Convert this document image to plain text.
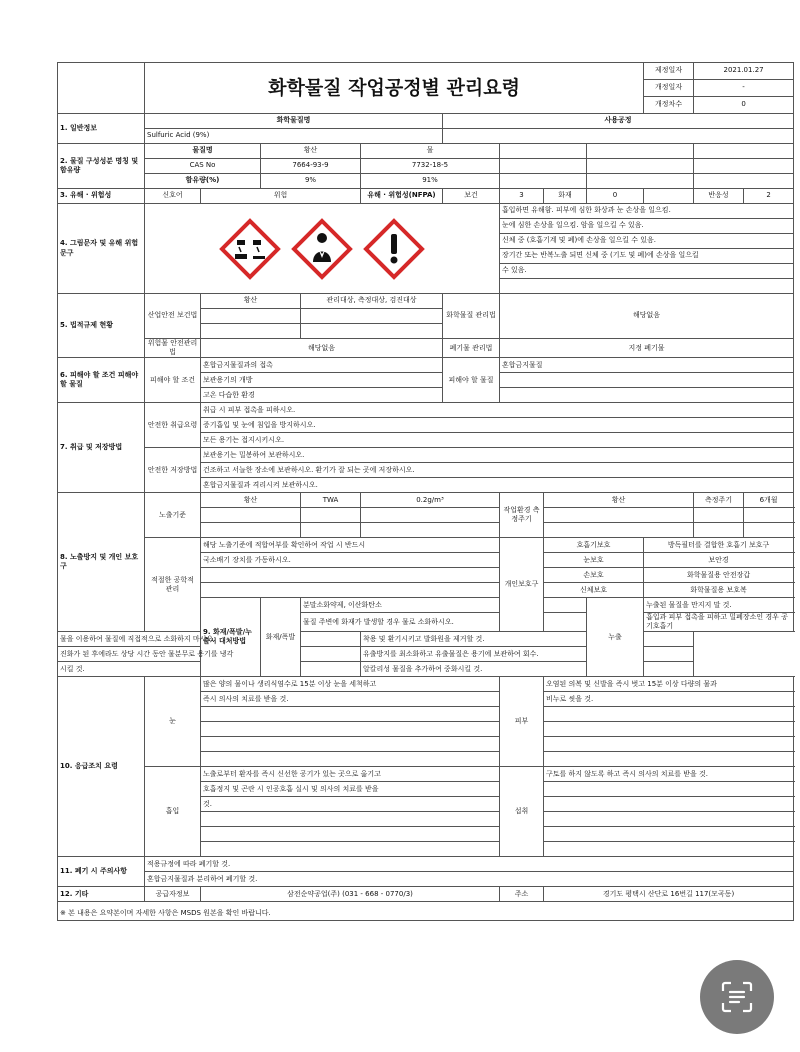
	화학물질 작업공정별 관리요령									제정일자	2021.01.27	
										개정일자	-	
										개정차수	0	
1. 일반정보	화학물질명					사용공정						
	Sulfuric Acid (9%)											
2. 물질 구성성분 명칭 및 함유량	물질명		황산		물							
	CAS No		7664-93-9		7732-18-5							
	함유량(%)		9%		91%							
3. 유해 · 위험성	신호어	위험			유해 · 위험성(NFPA)	보건	3	화재	0		반응성	2
4. 그림문자 및 유해 위험문구							흡입하면 유해함. 피부에 심한 화상과 눈 손상을 일으킴.					
							눈에 심한 손상을 일으킴. 암을 일으킬 수 있음.					
							신체 중 (호흡기계 및 폐)에 손상을 일으킬 수 있음.					
							장기간 또는 반복노출 되면 신체 중 (기도 및 폐)에 손상을 일으킬					
							수 있음.					

5. 법적규제 현황	산업안전 보건법	황산		관리대상, 측정대상, 검진대상		화학물질 관리법	해당없음					

	위험물 안전관리법	해당없음				폐기물 관리법	지정 폐기물					

6. 피해야 할 조건 피해야 할 물질	피해야 할 조건	혼합금지물질과의 접촉				피해야 할 물질	혼합금지물질					
		보관용기의 개방										
		고온 다습한 환경										
7. 취급 및 저장방법	안전한 취급요령	취급 시 피부 접촉을 피하시오.										
		증기흡입 및 눈에 침입을 방지하시오.										
		모든 용기는 접지시키시오.										
	안전한 저장방법	보관용기는 밀봉하여 보관하시오.										
		건조하고 서늘한 장소에 보관하시오. 환기가 잘 되는 곳에 저장하시오.										
		혼합금지물질과 격리시켜 보관하시오.										
8. 노출방지 및 개인 보호구	노출기준	황산		TWA	0.2g/m³		작업환경 측정주기	황산			측정주기	6개월

	적절한 공학적 관리	해당 노출기준에 적합여부를 확인하여 작업 시 반드시					개인보호구	호흡기보호		방독필터를 결합한 호흡기 보호구		
		국소배기 장치를 가동하시오.						눈보호		보안경		
								손보호		화학물질용 안전장갑		
								신체보호		화학물질용 보호복		
		9. 화재/폭발/누출시 대처방법	화재/폭발	분말소화약제, 이산화탄소					누출	누출된 물질을 만지지 말 것.		
				물질 주변에 화재가 발생할 경우 물로 소화하시오.						흡입과 피부 접촉을 피하고 밀폐장소인 경우 공기호흡기		
물을 이용하여 물질에 직접적으로 소화하지 마시오.					착용 및 환기시키고 발화원을 제거할 것.							
진화가 된 후에라도 상당 시간 동안 물분무로 용기를 냉각					유출방지를 최소화하고 유출물질은 용기에 보관하여 회수.							
시킬 것.					알칼리성 물질을 추가하여 중화시킬 것.							
10. 응급조치 요령	눈	많은 양의 물이나 생리식염수로 15분 이상 눈을 세척하고					피부	오염된 의복 및 신발을 즉시 벗고 15분 이상 다량의 물과				
		즉시 의사의 치료를 받을 것.						비누로 씻을 것.				

	흡입	노출로부터 환자를 즉시 신선한 공기가 있는 곳으로 옮기고					섭취	구토를 하지 않도록 하고 즉시 의사의 치료를 받을 것.				
		호흡정지 및 곤란 시 인공호흡 실시 및 의사의 치료를 받을										
		것.										

11. 폐기 시 주의사항	적용규정에 따라 폐기할 것.											
	혼합금지물질과 분리하여 폐기할 것.											
12. 기타	공급자정보	삼전순약공업(주) (031 - 668 - 0770/3)					주소	경기도 평택시 산단로 16번길 117(모곡동)				
※ 본 내용은 요약본이며 자세한 사항은 MSDS 원본을 확인 바랍니다.												
